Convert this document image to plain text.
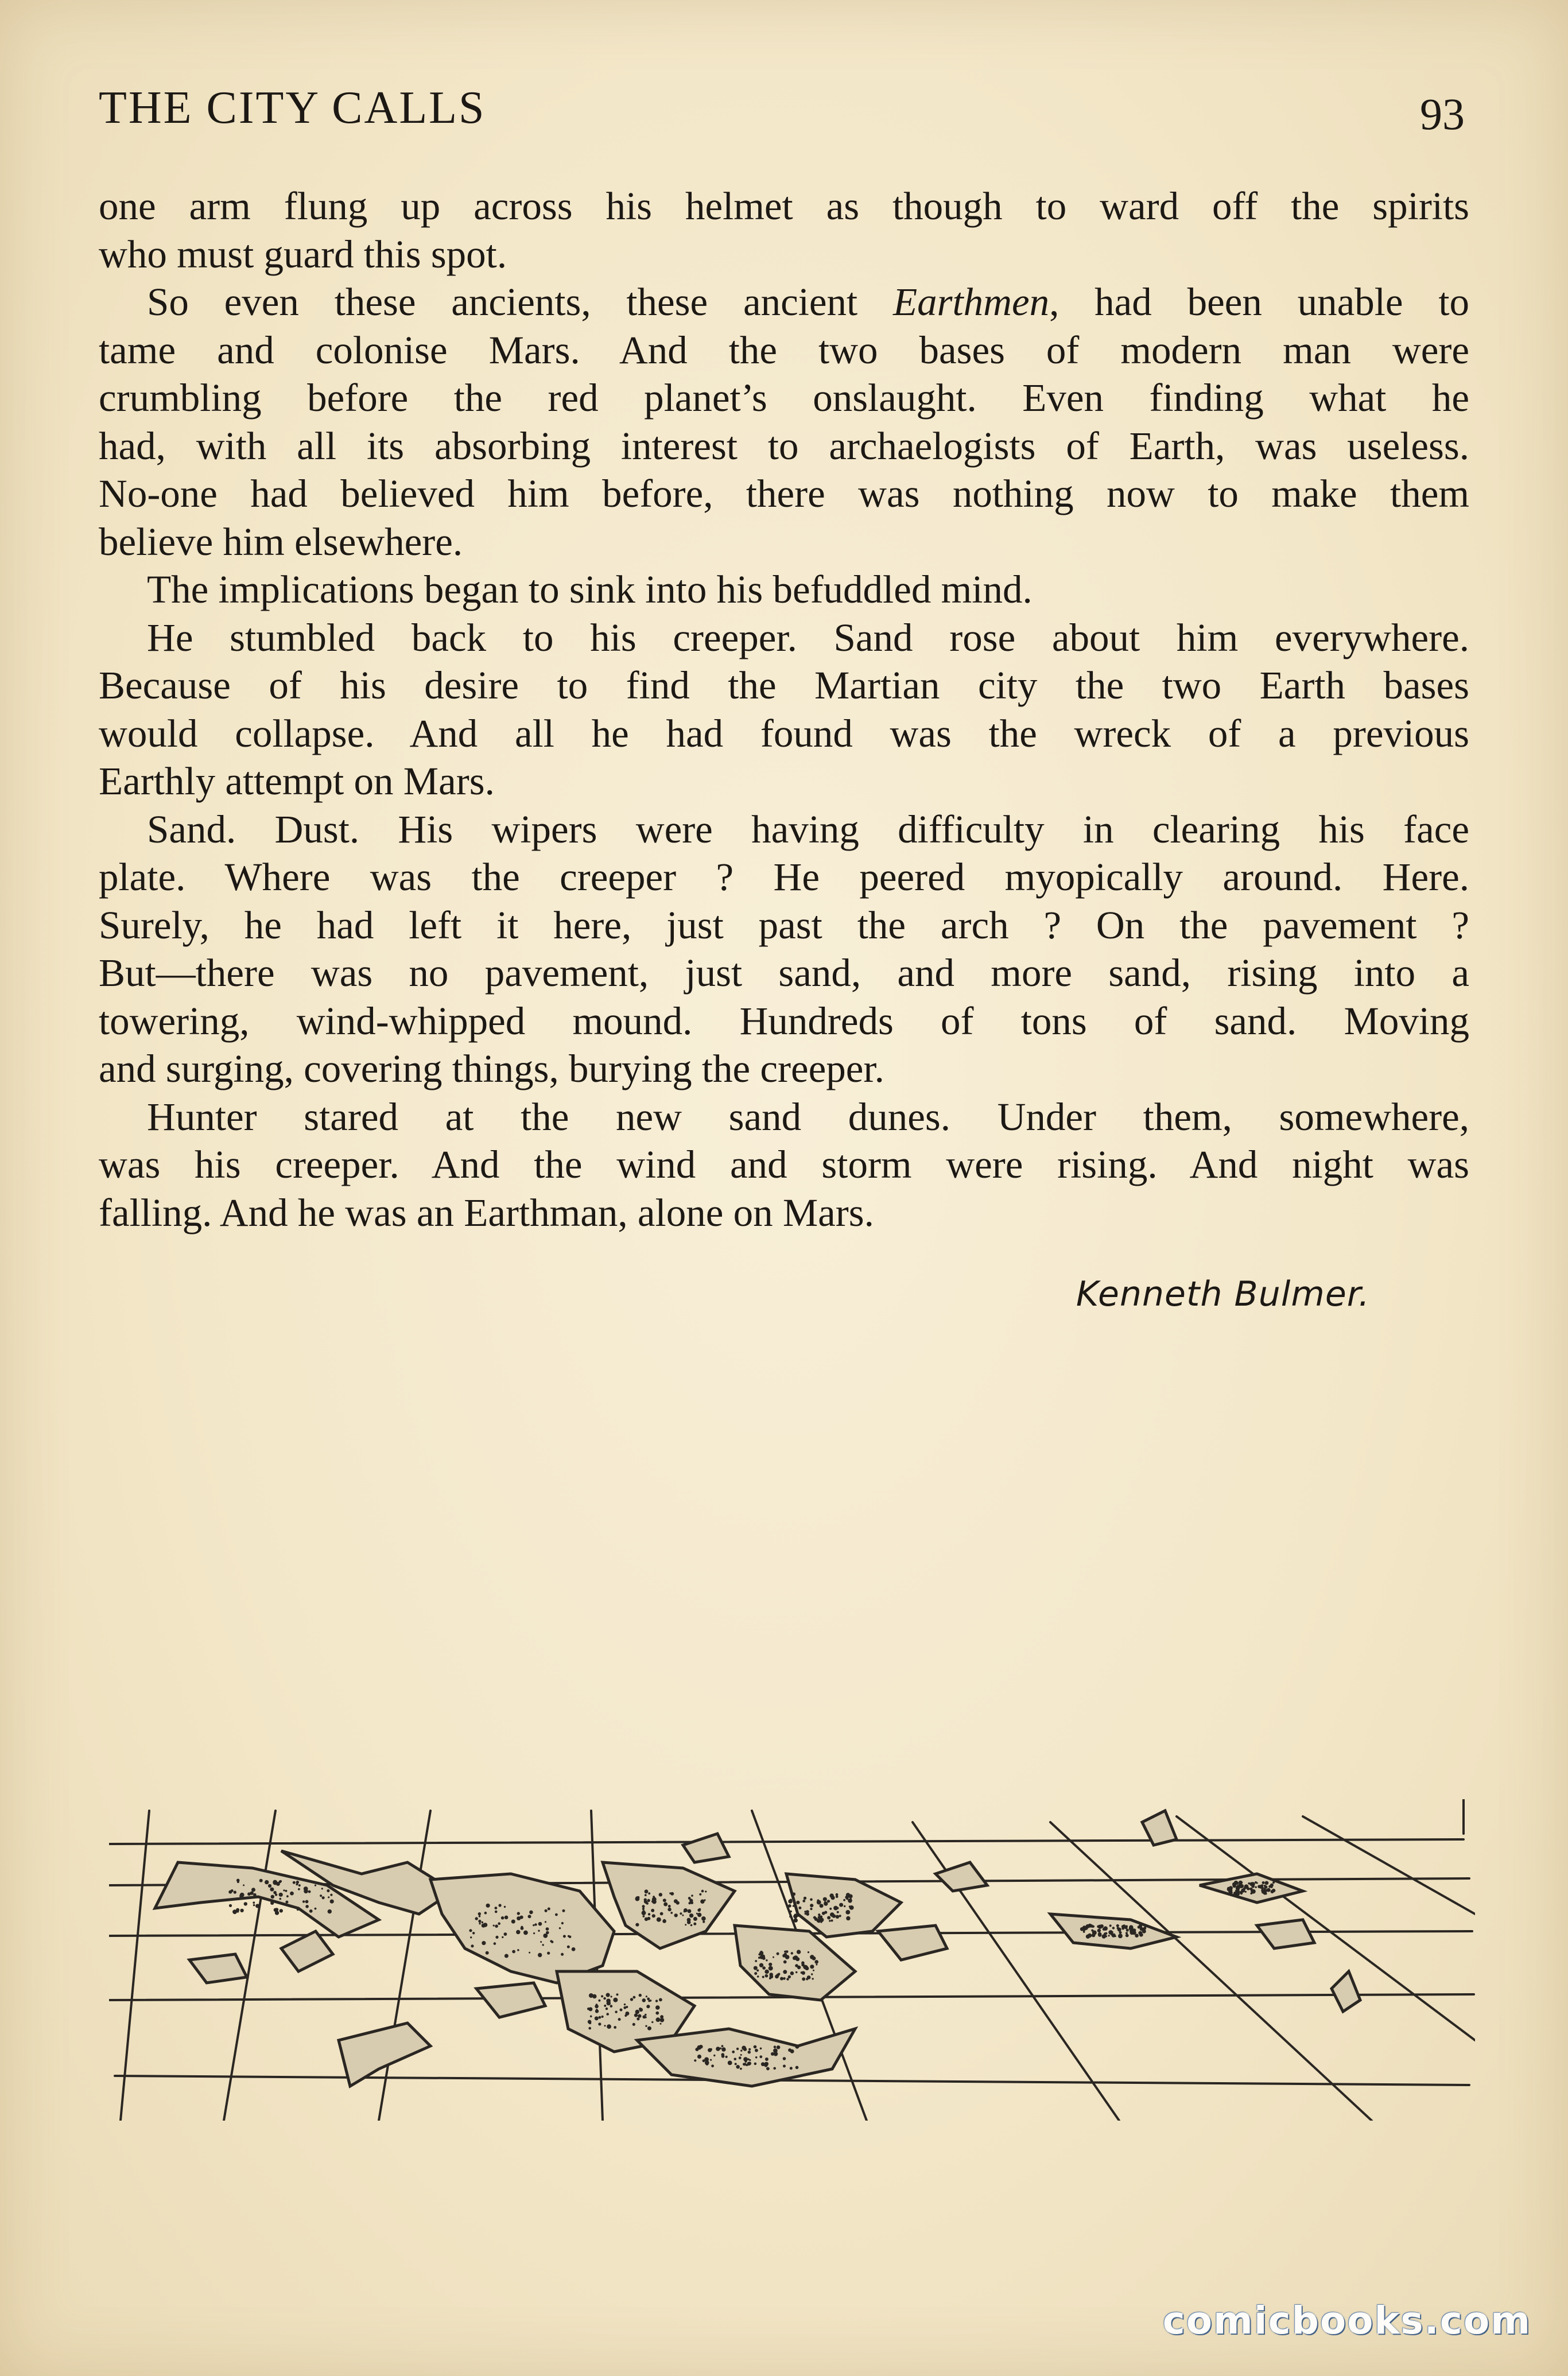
THE CITY CALLS	93

one arm flung up across his helmet as though to ward off the spirits
who must guard this spot.

So even these ancients, these ancient Earthmen, had been unable to
tame and colonise Mars. And the two bases of modern man were
crumbling before the red planet’s onslaught. Even finding what he
had, with all its absorbing interest to archaelogists of Earth, was useless.
No-one had believed him before, there was nothing now to make them
believe him elsewhere.

The implications began to sink into his befuddled mind.

He stumbled back to his creeper. Sand rose about him everywhere.
Because of his desire to find the Martian city the two Earth bases
would collapse. And all he had found was the wreck of a previous
Earthly attempt on Mars.

Sand. Dust. His wipers were having difficulty in clearing his face
plate. Where was the creeper ? He peered myopically around. Here.
Surely, he had left it here, just past the arch ? On the pavement ?
But—there was no pavement, just sand, and more sand, rising into a
towering, wind-whipped mound. Hundreds of tons of sand. Moving
and surging, covering things, burying the creeper.

Hunter stared at the new sand dunes. Under them, somewhere,
was his creeper. And the wind and storm were rising. And night was
falling. And he was an Earthman, alone on Mars.

Kenneth Bulmer.
comicbooks.com
